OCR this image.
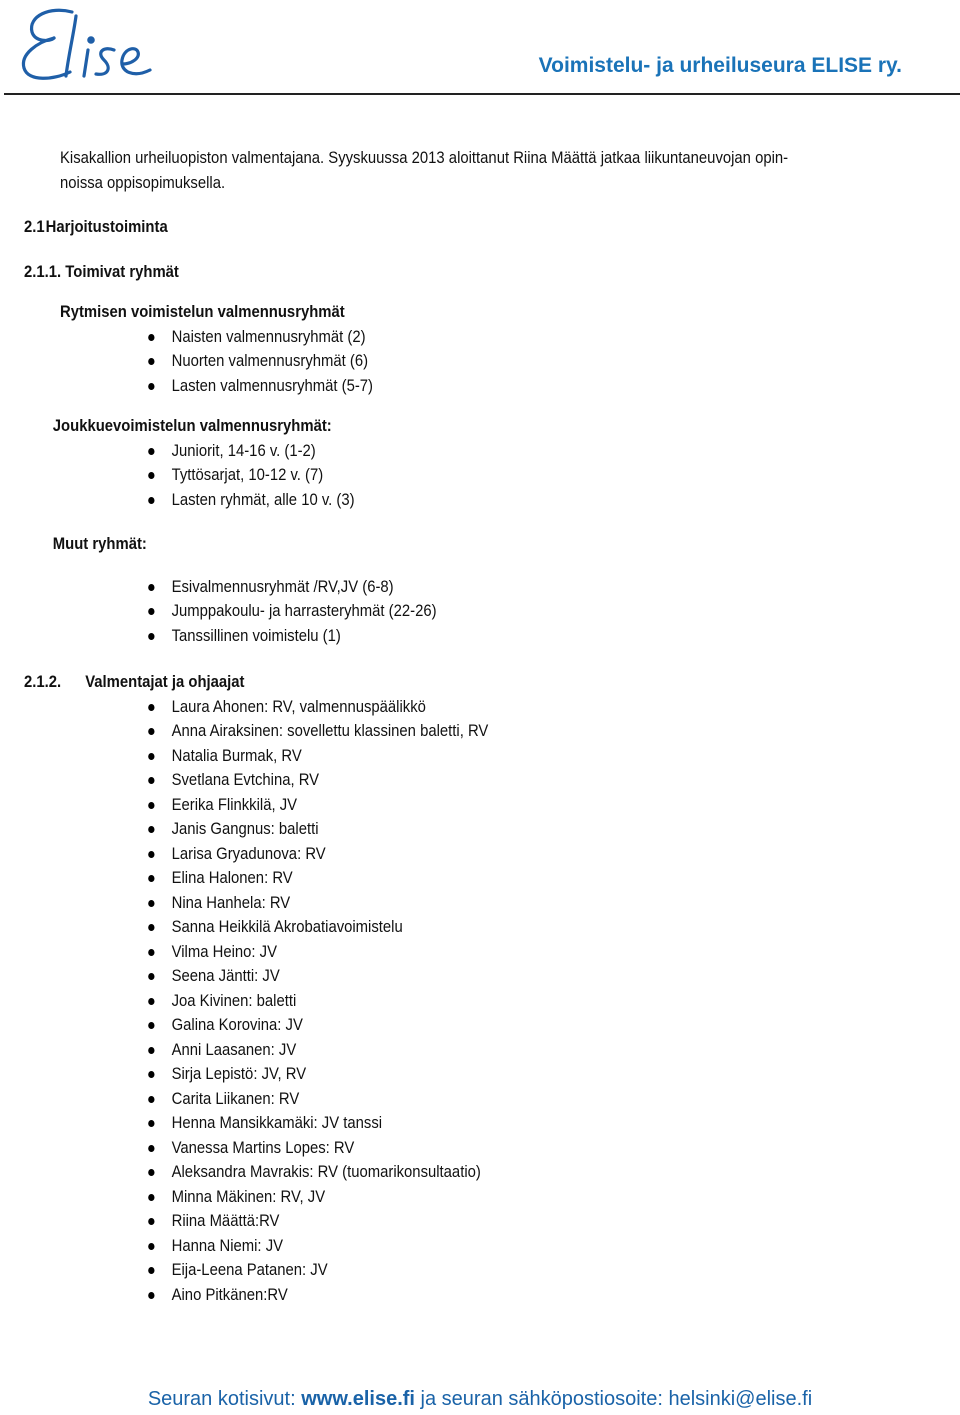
Voimistelu- ja urheiluseura ELISE ry.

Kisakallion urheiluopiston valmentajana. Syyskuussa 2013 aloittanut Riina Määttä jatkaa liikuntaneuvojan opin-
noissa oppisopimuksella.

2.1Harjoitustoiminta

2.1.1. Toimivat ryhmät

Rytmisen voimistelun valmennusryhmät

Naisten valmennusryhmät (2)
Nuorten valmennusryhmät (6)
Lasten valmennusryhmät (5-7)

Joukkuevoimistelun valmennusryhmät:

Juniorit, 14-16 v. (1-2)
Tyttösarjat, 10-12 v. (7)
Lasten ryhmät, alle 10 v. (3)

Muut ryhmät:

Esivalmennusryhmät /RV,JV (6-8)
Jumppakoulu- ja harrasteryhmät (22-26)
Tanssillinen voimistelu (1)

2.1.2. Valmentajat ja ohjaajat

Laura Ahonen: RV, valmennuspäälikkö
Anna Airaksinen: sovellettu klassinen baletti, RV
Natalia Burmak, RV
Svetlana Evtchina, RV
Eerika Flinkkilä, JV
Janis Gangnus: baletti
Larisa Gryadunova: RV
Elina Halonen: RV
Nina Hanhela: RV
Sanna Heikkilä Akrobatiavoimistelu
Vilma Heino: JV
Seena Jäntti: JV
Joa Kivinen: baletti
Galina Korovina: JV
Anni Laasanen: JV
Sirja Lepistö: JV, RV
Carita Liikanen: RV
Henna Mansikkamäki: JV tanssi
Vanessa Martins Lopes: RV
Aleksandra Mavrakis: RV (tuomarikonsultaatio)
Minna Mäkinen: RV, JV
Riina Määttä:RV
Hanna Niemi: JV
Eija-Leena Patanen: JV
Aino Pitkänen:RV
Seuran kotisivut: www.elise.fi ja seuran sähköpostiosoite: helsinki@elise.fi
